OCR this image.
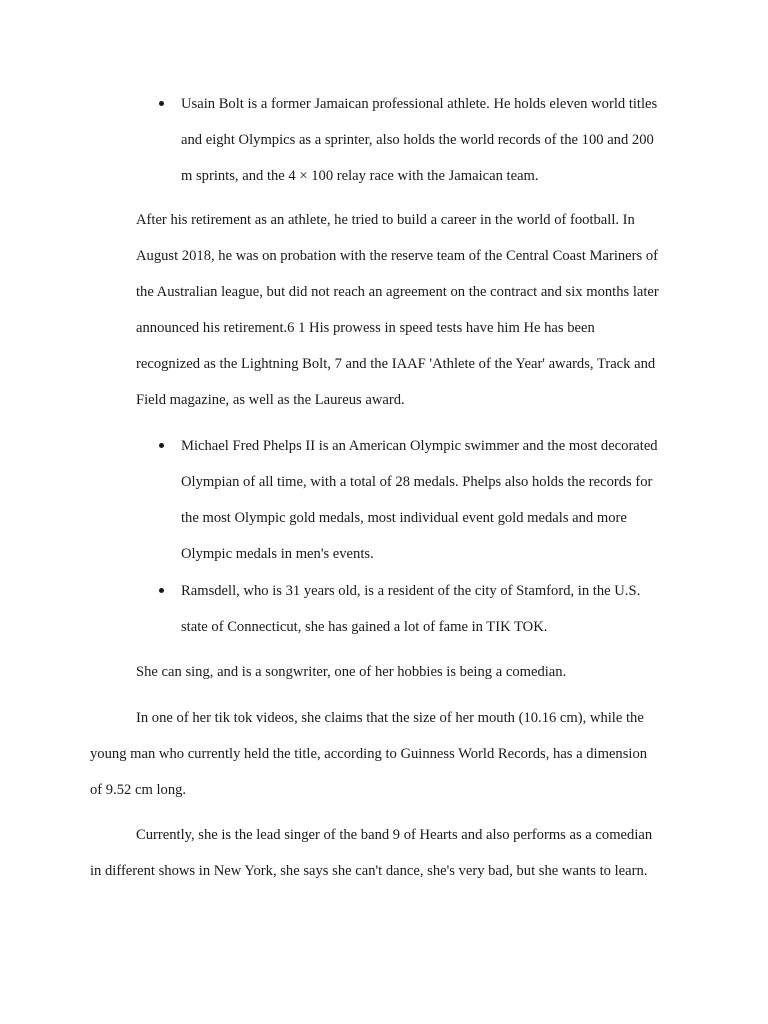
Usain Bolt is a former Jamaican professional athlete. He holds eleven world titles
and eight Olympics as a sprinter, also holds the world records of the 100 and 200
m sprints, and the 4 × 100 relay race with the Jamaican team.
After his retirement as an athlete, he tried to build a career in the world of football. In
August 2018, he was on probation with the reserve team of the Central Coast Mariners of
the Australian league, but did not reach an agreement on the contract and six months later
announced his retirement.6 1 His prowess in speed tests have him He has been
recognized as the Lightning Bolt, 7 and the IAAF 'Athlete of the Year' awards, Track and
Field magazine, as well as the Laureus award.
Michael Fred Phelps II is an American Olympic swimmer and the most decorated
Olympian of all time, with a total of 28 medals. Phelps also holds the records for
the most Olympic gold medals, most individual event gold medals and more
Olympic medals in men's events.
Ramsdell, who is 31 years old, is a resident of the city of Stamford, in the U.S.
state of Connecticut, she has gained a lot of fame in TIK TOK.
She can sing, and is a songwriter, one of her hobbies is being a comedian.
In one of her tik tok videos, she claims that the size of her mouth (10.16 cm), while the
young man who currently held the title, according to Guinness World Records, has a dimension
of 9.52 cm long.
Currently, she is the lead singer of the band 9 of Hearts and also performs as a comedian
in different shows in New York, she says she can't dance, she's very bad, but she wants to learn.
